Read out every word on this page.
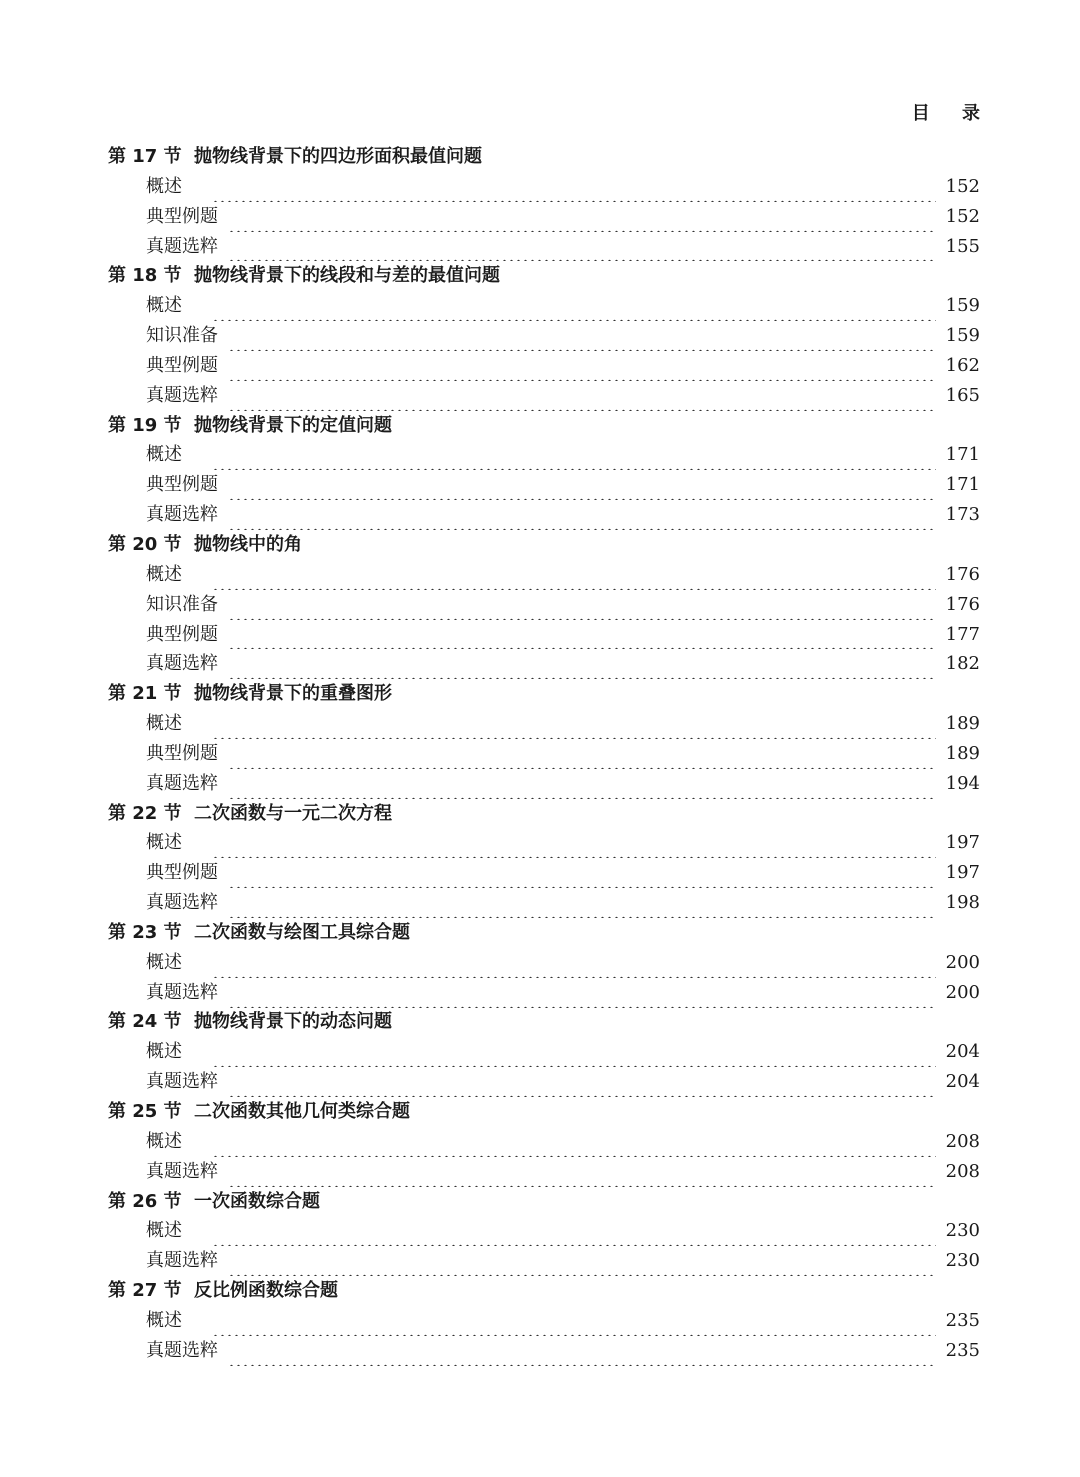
目 录
第 17 节 抛物线背景下的四边形面积最值问题
概述	152
典型例题	152
真题选粹	155
第 18 节 抛物线背景下的线段和与差的最值问题
概述	159
知识准备	159
典型例题	162
真题选粹	165
第 19 节 抛物线背景下的定值问题
概述	171
典型例题	171
真题选粹	173
第 20 节 抛物线中的角
概述	176
知识准备	176
典型例题	177
真题选粹	182
第 21 节 抛物线背景下的重叠图形
概述	189
典型例题	189
真题选粹	194
第 22 节 二次函数与一元二次方程
概述	197
典型例题	197
真题选粹	198
第 23 节 二次函数与绘图工具综合题
概述	200
真题选粹	200
第 24 节 抛物线背景下的动态问题
概述	204
真题选粹	204
第 25 节 二次函数其他几何类综合题
概述	208
真题选粹	208
第 26 节 一次函数综合题
概述	230
真题选粹	230
第 27 节 反比例函数综合题
概述	235
真题选粹	235
